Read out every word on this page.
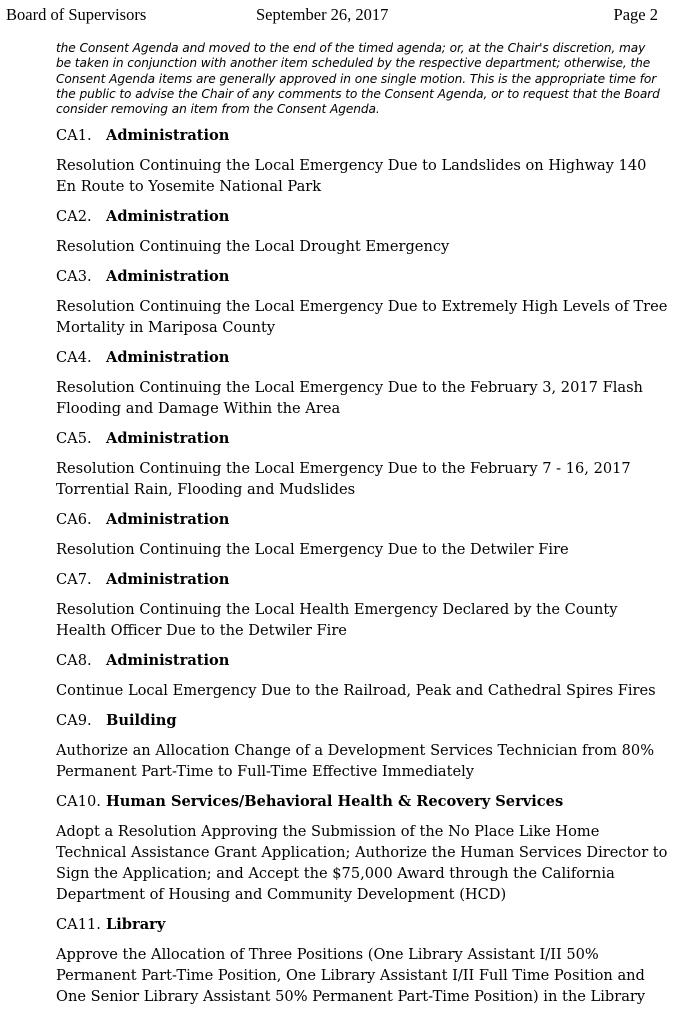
Board of Supervisors	September 26, 2017	Page 2
the Consent Agenda and moved to the end of the timed agenda; or, at the Chair's discretion, may be taken in conjunction with another item scheduled by the respective department; otherwise, the Consent Agenda items are generally approved in one single motion. This is the appropriate time for the public to advise the Chair of any comments to the Consent Agenda, or to request that the Board consider removing an item from the Consent Agenda.
CA1. Administration
Resolution Continuing the Local Emergency Due to Landslides on Highway 140 En Route to Yosemite National Park
CA2. Administration
Resolution Continuing the Local Drought Emergency
CA3. Administration
Resolution Continuing the Local Emergency Due to Extremely High Levels of Tree Mortality in Mariposa County
CA4. Administration
Resolution Continuing the Local Emergency Due to the February 3, 2017 Flash Flooding and Damage Within the Area
CA5. Administration
Resolution Continuing the Local Emergency Due to the February 7 - 16, 2017 Torrential Rain, Flooding and Mudslides
CA6. Administration
Resolution Continuing the Local Emergency Due to the Detwiler Fire
CA7. Administration
Resolution Continuing the Local Health Emergency Declared by the County Health Officer Due to the Detwiler Fire
CA8. Administration
Continue Local Emergency Due to the Railroad, Peak and Cathedral Spires Fires
CA9. Building
Authorize an Allocation Change of a Development Services Technician from 80% Permanent Part-Time to Full-Time Effective Immediately
CA10. Human Services/Behavioral Health & Recovery Services
Adopt a Resolution Approving the Submission of the No Place Like Home Technical Assistance Grant Application; Authorize the Human Services Director to Sign the Application; and Accept the $75,000 Award through the California Department of Housing and Community Development (HCD)
CA11. Library
Approve the Allocation of Three Positions (One Library Assistant I/II 50% Permanent Part-Time Position, One Library Assistant I/II Full Time Position and One Senior Library Assistant 50% Permanent Part-Time Position) in the Library
